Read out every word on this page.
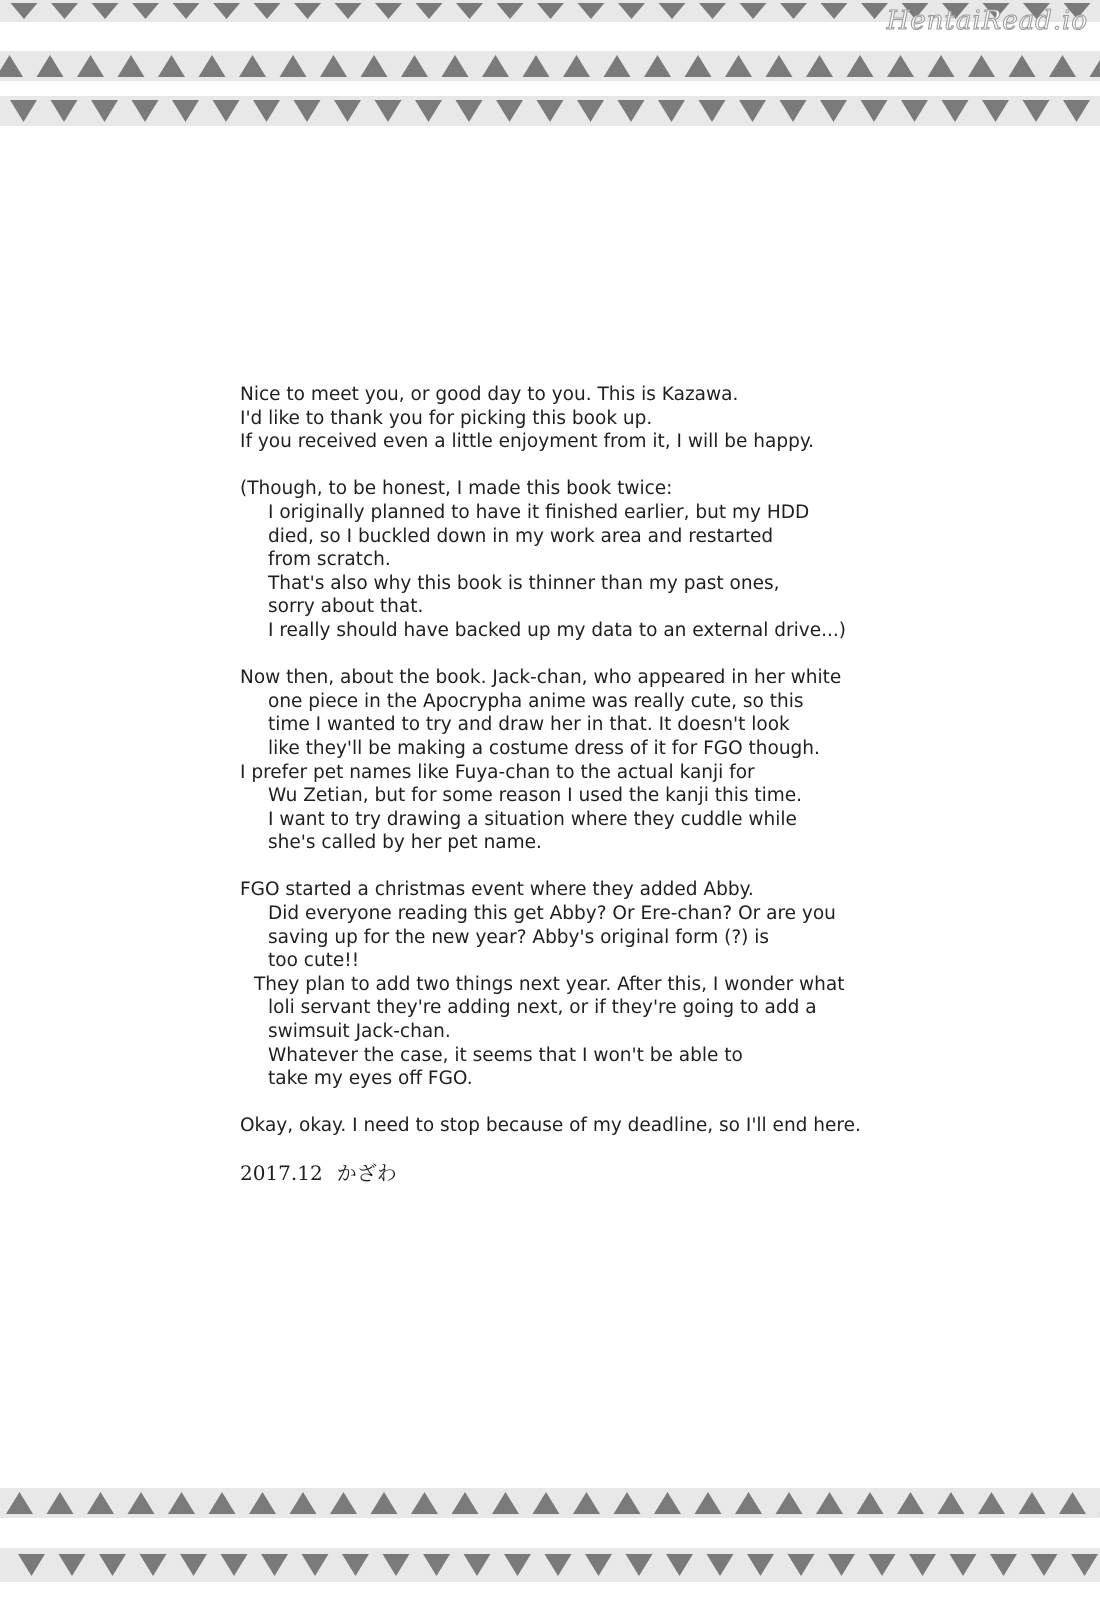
HentaiRead.io
Nice to meet you, or good day to you. This is Kazawa.
I'd like to thank you for picking this book up.
If you received even a little enjoyment from it, I will be happy.
(Though, to be honest, I made this book twice:
I originally planned to have it finished earlier, but my HDD
died, so I buckled down in my work area and restarted
from scratch.
That's also why this book is thinner than my past ones,
sorry about that.
I really should have backed up my data to an external drive...)
Now then, about the book. Jack-chan, who appeared in her white
one piece in the Apocrypha anime was really cute, so this
time I wanted to try and draw her in that. It doesn't look
like they'll be making a costume dress of it for FGO though.
I prefer pet names like Fuya-chan to the actual kanji for
Wu Zetian, but for some reason I used the kanji this time.
I want to try drawing a situation where they cuddle while
she's called by her pet name.
FGO started a christmas event where they added Abby.
Did everyone reading this get Abby? Or Ere-chan? Or are you
saving up for the new year? Abby's original form (?) is
too cute!!
They plan to add two things next year. After this, I wonder what
loli servant they're adding next, or if they're going to add a
swimsuit Jack-chan.
Whatever the case, it seems that I won't be able to
take my eyes off FGO.
Okay, okay. I need to stop because of my deadline, so I'll end here.
2017.12 かざわ
